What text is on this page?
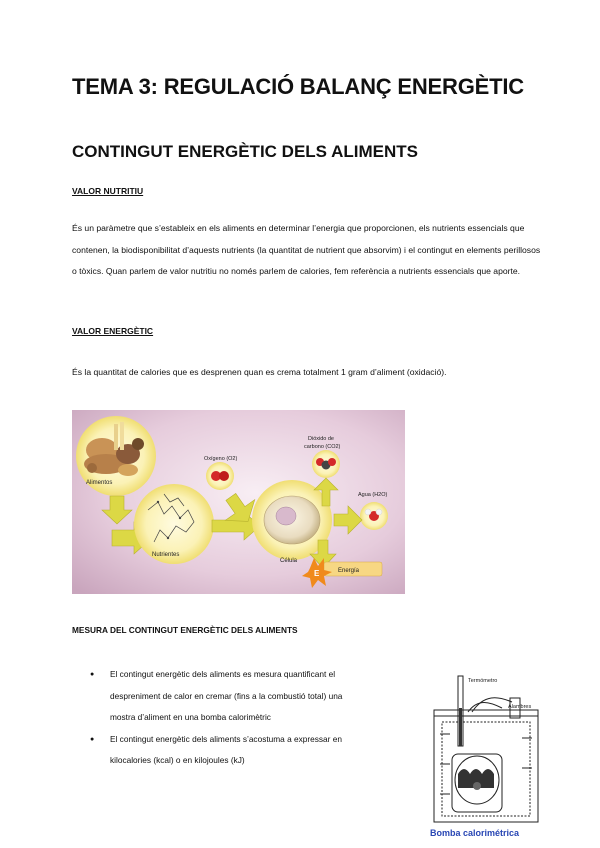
TEMA 3: REGULACIÓ BALANÇ ENERGÈTIC
CONTINGUT ENERGÈTIC DELS ALIMENTS
VALOR NUTRITIU
És un paràmetre que s’estableix en els aliments en determinar l’energia que proporcionen, els nutrients essencials que contenen, la biodisponibilitat d’aquests nutrients (la quantitat de nutrient que absorvim) i el contingut en elements perillosos o tòxics. Quan parlem de valor nutritiu no només parlem de calories, fem referència a nutrients essencials que aporte.
VALOR ENERGÈTIC
És la quantitat de calories que es desprenen quan es crema totalment 1 gram d’aliment (oxidació).
Alimentos
Nutrientes
Oxígeno (O2)
Célula
Dióxido de
carbono (CO2)
Agua (H2O)
E	Energía
MESURA DEL CONTINGUT ENERGÈTIC DELS ALIMENTS
● El contingut energètic dels aliments es mesura quantificant el
despreniment de calor en cremar (fins a la combustió total) una
mostra d’aliment en una bomba calorimètric
● El contingut energètic dels aliments s’acostuma a expressar en
kilocalories (kcal) o en kilojoules (kJ)
Termómetro
Alambres
Bomba calorimétrica
